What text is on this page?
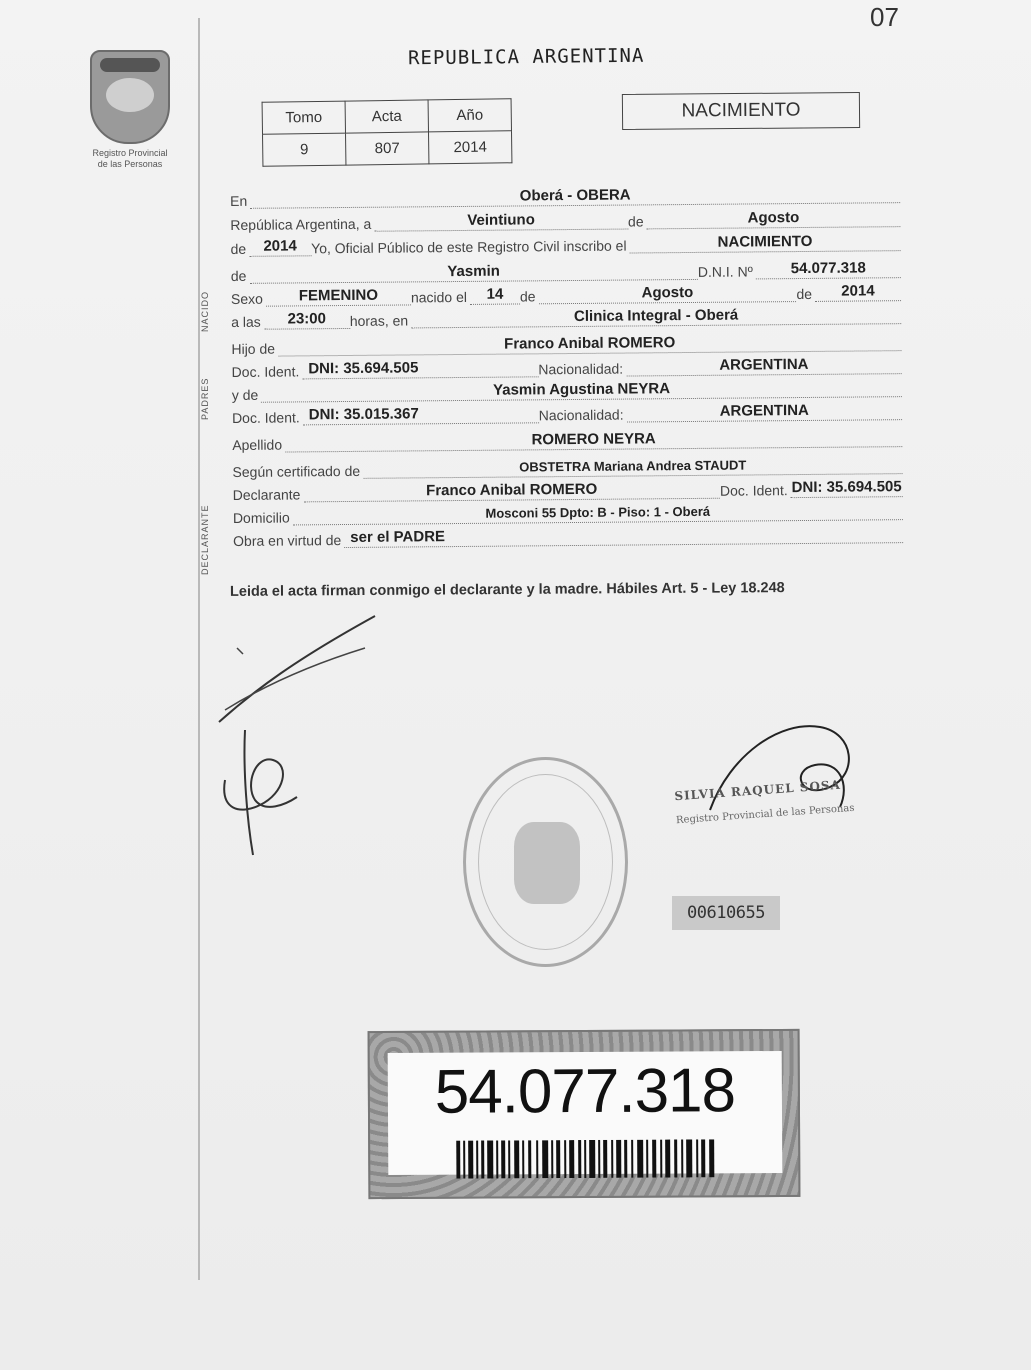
07
Registro Provincial
de las Personas
REPUBLICA ARGENTINA
Tomo	Acta	Año
9	807	2014
NACIMIENTO
NACIDO
PADRES
DECLARANTE
En	Oberá - OBERA
República Argentina, a	Veintiuno	de	Agosto
de	2014	Yo, Oficial Público de este Registro Civil inscribo el	NACIMIENTO
de	Yasmin	D.N.I. Nº	54.077.318
Sexo	FEMENINO	nacido el	14	de	Agosto	de	2014
a las	23:00	horas, en	Clinica Integral - Oberá
Hijo de	Franco Anibal ROMERO
Doc. Ident. DNI: 35.694.505	Nacionalidad:	ARGENTINA
y de	Yasmin Agustina NEYRA
Doc. Ident. DNI: 35.015.367	Nacionalidad:	ARGENTINA
Apellido	ROMERO NEYRA
Según certificado de	OBSTETRA Mariana Andrea STAUDT
Declarante	Franco Anibal ROMERO	Doc. Ident. DNI: 35.694.505
Domicilio	Mosconi 55 Dpto: B - Piso: 1 - Oberá
Obra en virtud de ser el PADRE
Leida el acta firman conmigo el declarante y la madre. Hábiles Art. 5 - Ley 18.248
SILVIA RAQUEL SOSA
Registro Provincial de las Personas
00610655
54.077.318
